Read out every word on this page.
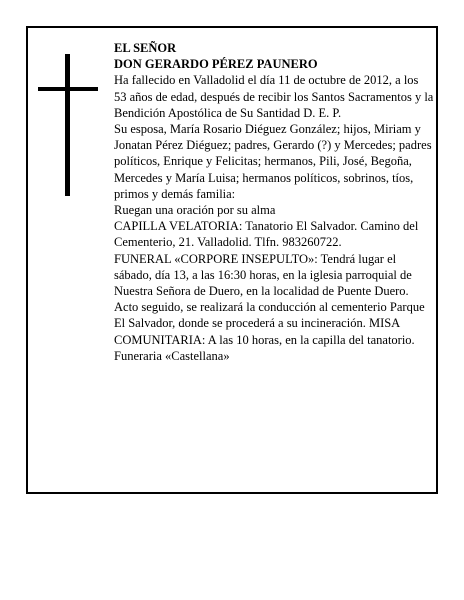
EL SEÑOR

DON GERARDO PÉREZ PAUNERO

Ha fallecido en Valladolid el día 11 de octubre de 2012, a los 53 años de edad, después de recibir los Santos Sacramentos y la Bendición Apostólica de Su Santidad D. E. P.

Su esposa, María Rosario Diéguez González; hijos, Miriam y Jonatan Pérez Diéguez; padres, Gerardo (?) y Mercedes; padres políticos, Enrique y Felicitas; hermanos, Pili, José, Begoña, Mercedes y María Luisa; hermanos políticos, sobrinos, tíos, primos y demás familia:

Ruegan una oración por su alma

CAPILLA VELATORIA: Tanatorio El Salvador. Camino del Cementerio, 21. Valladolid. Tlfn. 983260722.

FUNERAL «CORPORE INSEPULTO»: Tendrá lugar el sábado, día 13, a las 16:30 horas, en la iglesia parroquial de Nuestra Señora de Duero, en la localidad de Puente Duero. Acto seguido, se realizará la conducción al cementerio Parque El Salvador, donde se procederá a su incineración. MISA COMUNITARIA: A las 10 horas, en la capilla del tanatorio.

Funeraria «Castellana»
